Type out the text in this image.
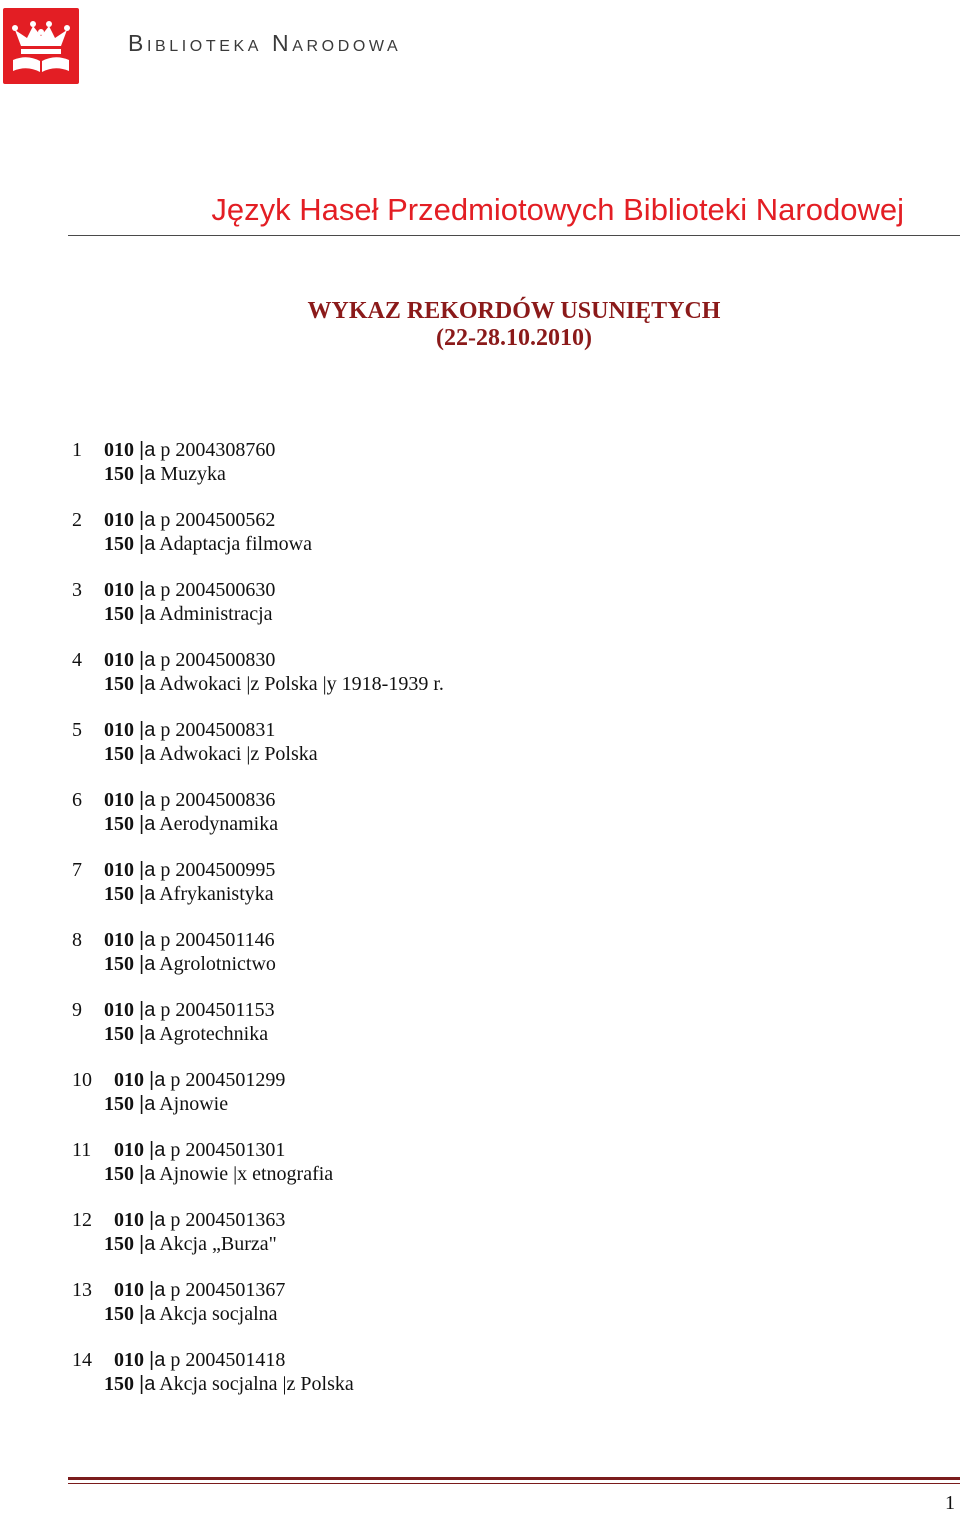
Biblioteka Narodowa
Język Haseł Przedmiotowych Biblioteki Narodowej
WYKAZ REKORDÓW USUNIĘTYCH
(22-28.10.2010)
1 010 |a p 2004308760
150 |a Muzyka
2 010 |a p 2004500562
150 |a Adaptacja filmowa
3 010 |a p 2004500630
150 |a Administracja
4 010 |a p 2004500830
150 |a Adwokaci |z Polska |y 1918-1939 r.
5 010 |a p 2004500831
150 |a Adwokaci |z Polska
6 010 |a p 2004500836
150 |a Aerodynamika
7 010 |a p 2004500995
150 |a Afrykanistyka
8 010 |a p 2004501146
150 |a Agrolotnictwo
9 010 |a p 2004501153
150 |a Agrotechnika
10 010 |a p 2004501299
150 |a Ajnowie
11 010 |a p 2004501301
150 |a Ajnowie |x etnografia
12 010 |a p 2004501363
150 |a Akcja „Burza"
13 010 |a p 2004501367
150 |a Akcja socjalna
14 010 |a p 2004501418
150 |a Akcja socjalna |z Polska
1
